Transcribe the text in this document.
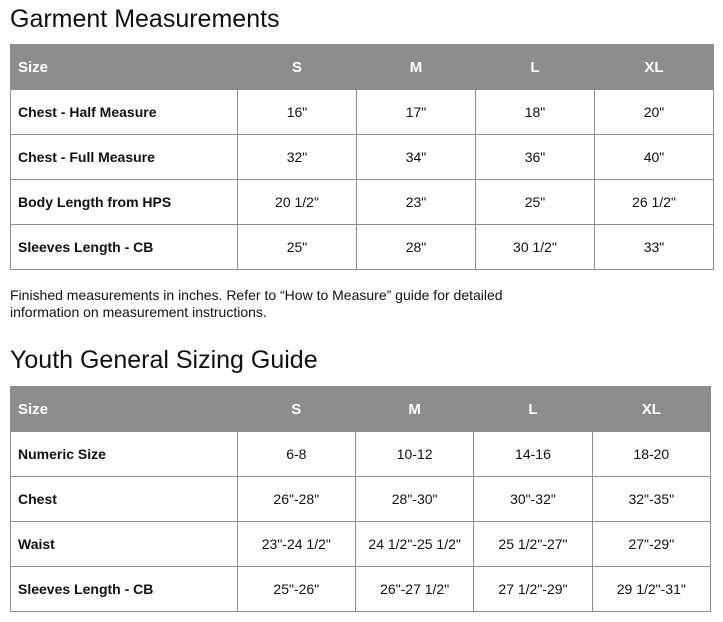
Garment Measurements
Size	S	M	L	XL
Chest - Half Measure	16"	17"	18"	20"
Chest - Full Measure	32"	34"	36"	40"
Body Length from HPS	20 1/2"	23"	25"	26 1/2"
Sleeves Length - CB	25"	28"	30 1/2"	33"
Finished measurements in inches. Refer to “How to Measure” guide for detailed information on measurement instructions.
Youth General Sizing Guide
Size	S	M	L	XL
Numeric Size	6-8	10-12	14-16	18-20
Chest	26"-28"	28"-30"	30"-32"	32"-35"
Waist	23"-24 1/2"	24 1/2"-25 1/2"	25 1/2"-27"	27"-29"
Sleeves Length - CB	25"-26"	26"-27 1/2"	27 1/2"-29"	29 1/2"-31"
